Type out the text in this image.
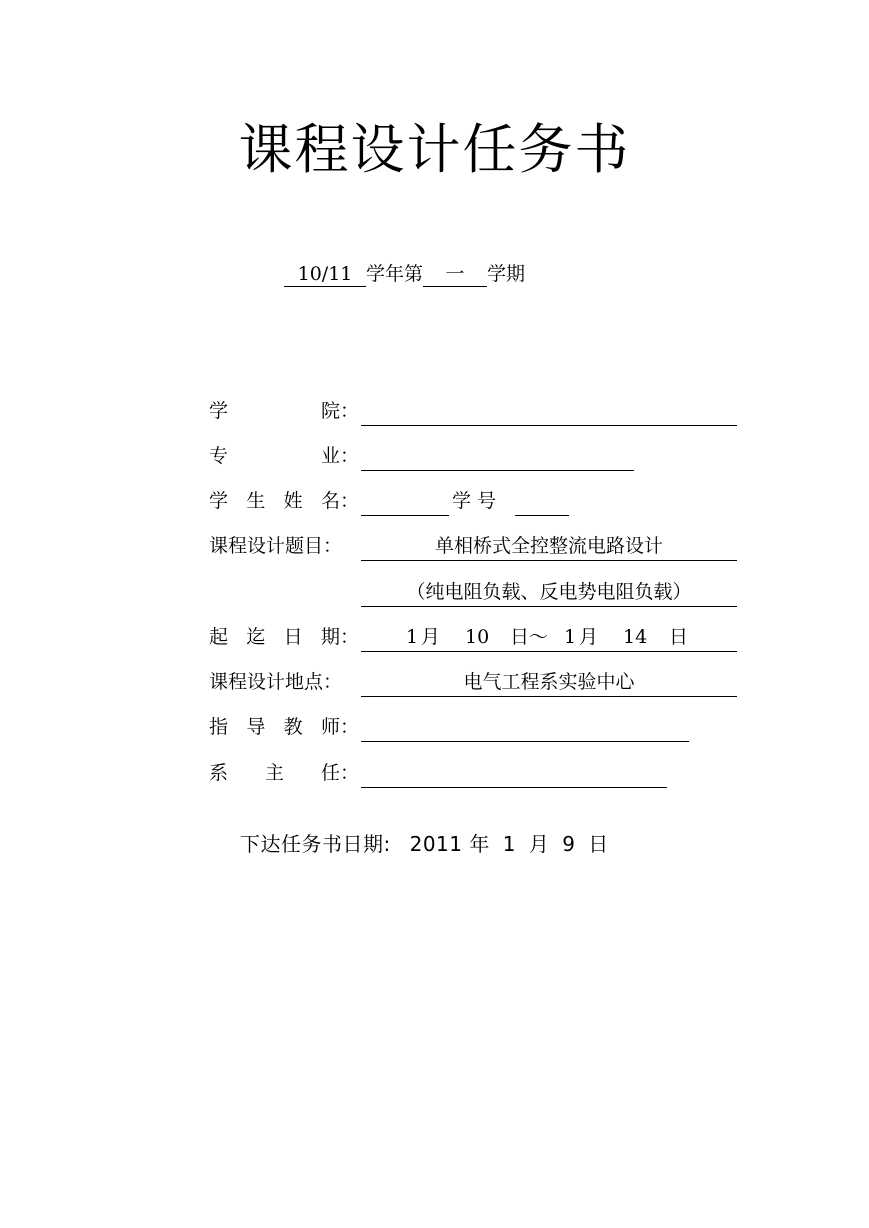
课程设计任务书
10/11 学年第 一 学期
学	院：
专	业：
学 生 姓 名：	学 号
课程设计题目：	单相桥式全控整流电路设计
（纯电阻负载、反电势电阻负载）
起 迄 日 期： 1 月 10 日～ 1 月 14 日
课程设计地点：	电气工程系实验中心
指 导 教 师：
系 主 任：
下达任务书日期: 2011 年 1 月 9 日
